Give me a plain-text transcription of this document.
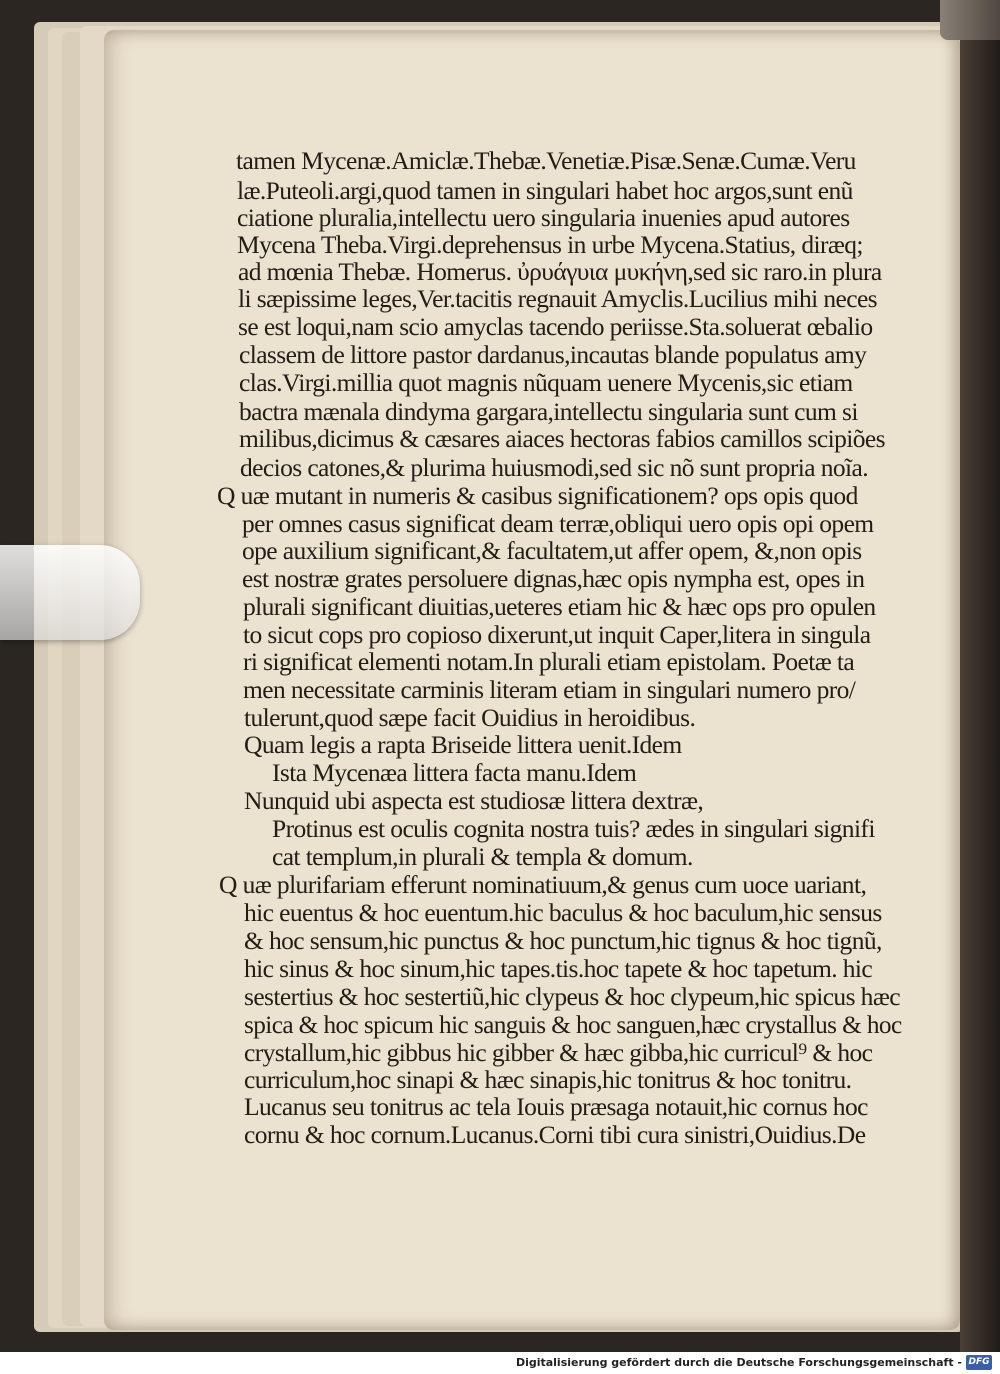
tamen Mycenæ.Amiclæ.Thebæ.Venetiæ.Pisæ.Senæ.Cumæ.Veru
læ.Puteoli.argi,quod tamen in singulari habet hoc argos,sunt enũ
ciatione pluralia,intellectu uero singularia inuenies apud autores
Mycena Theba.Virgi.deprehensus in urbe Mycena.Statius, diræq;
ad mœnia Thebæ. Homerus. ὐρυάγυια μυκήνη,sed sic raro.in plura
li sæpissime leges,Ver.tacitis regnauit Amyclis.Lucilius mihi neces
se est loqui,nam scio amyclas tacendo periisse.Sta.soluerat œbalio
classem de littore pastor dardanus,incautas blande populatus amy
clas.Virgi.millia quot magnis nũquam uenere Mycenis,sic etiam
bactra mænala dindyma gargara,intellectu singularia sunt cum si
milibus,dicimus & cæsares aiaces hectoras fabios camillos scipiões
decios catones,& plurima huiusmodi,sed sic nõ sunt propria noĩa.
Q uæ mutant in numeris & casibus significationem? ops opis quod
per omnes casus significat deam terræ,obliqui uero opis opi opem
ope auxilium significant,& facultatem,ut affer opem, &,non opis
est nostræ grates persoluere dignas,hæc opis nympha est, opes in
plurali significant diuitias,ueteres etiam hic & hæc ops pro opulen
to sicut cops pro copioso dixerunt,ut inquit Caper,litera in singula
ri significat elementi notam.In plurali etiam epistolam. Poetæ ta
men necessitate carminis literam etiam in singulari numero pro/
tulerunt,quod sæpe facit Ouidius in heroidibus.
Quam legis a rapta Briseide littera uenit.Idem
Ista Mycenæa littera facta manu.Idem
Nunquid ubi aspecta est studiosæ littera dextræ,
Protinus est oculis cognita nostra tuis? ædes in singulari signifi
cat templum,in plurali & templa & domum.
Q uæ plurifariam efferunt nominatiuum,& genus cum uoce uariant,
hic euentus & hoc euentum.hic baculus & hoc baculum,hic sensus
& hoc sensum,hic punctus & hoc punctum,hic tignus & hoc tignũ,
hic sinus & hoc sinum,hic tapes.tis.hoc tapete & hoc tapetum. hic
sestertius & hoc sestertiũ,hic clypeus & hoc clypeum,hic spicus hæc
spica & hoc spicum hic sanguis & hoc sanguen,hæc crystallus & hoc
crystallum,hic gibbus hic gibber & hæc gibba,hic curricul⁹ & hoc
curriculum,hoc sinapi & hæc sinapis,hic tonitrus & hoc tonitru.
Lucanus seu tonitrus ac tela Iouis præsaga notauit,hic cornus hoc
cornu & hoc cornum.Lucanus.Corni tibi cura sinistri,Ouidius.De
Digitalisierung gefördert durch die Deutsche Forschungsgemeinschaft - DFG
